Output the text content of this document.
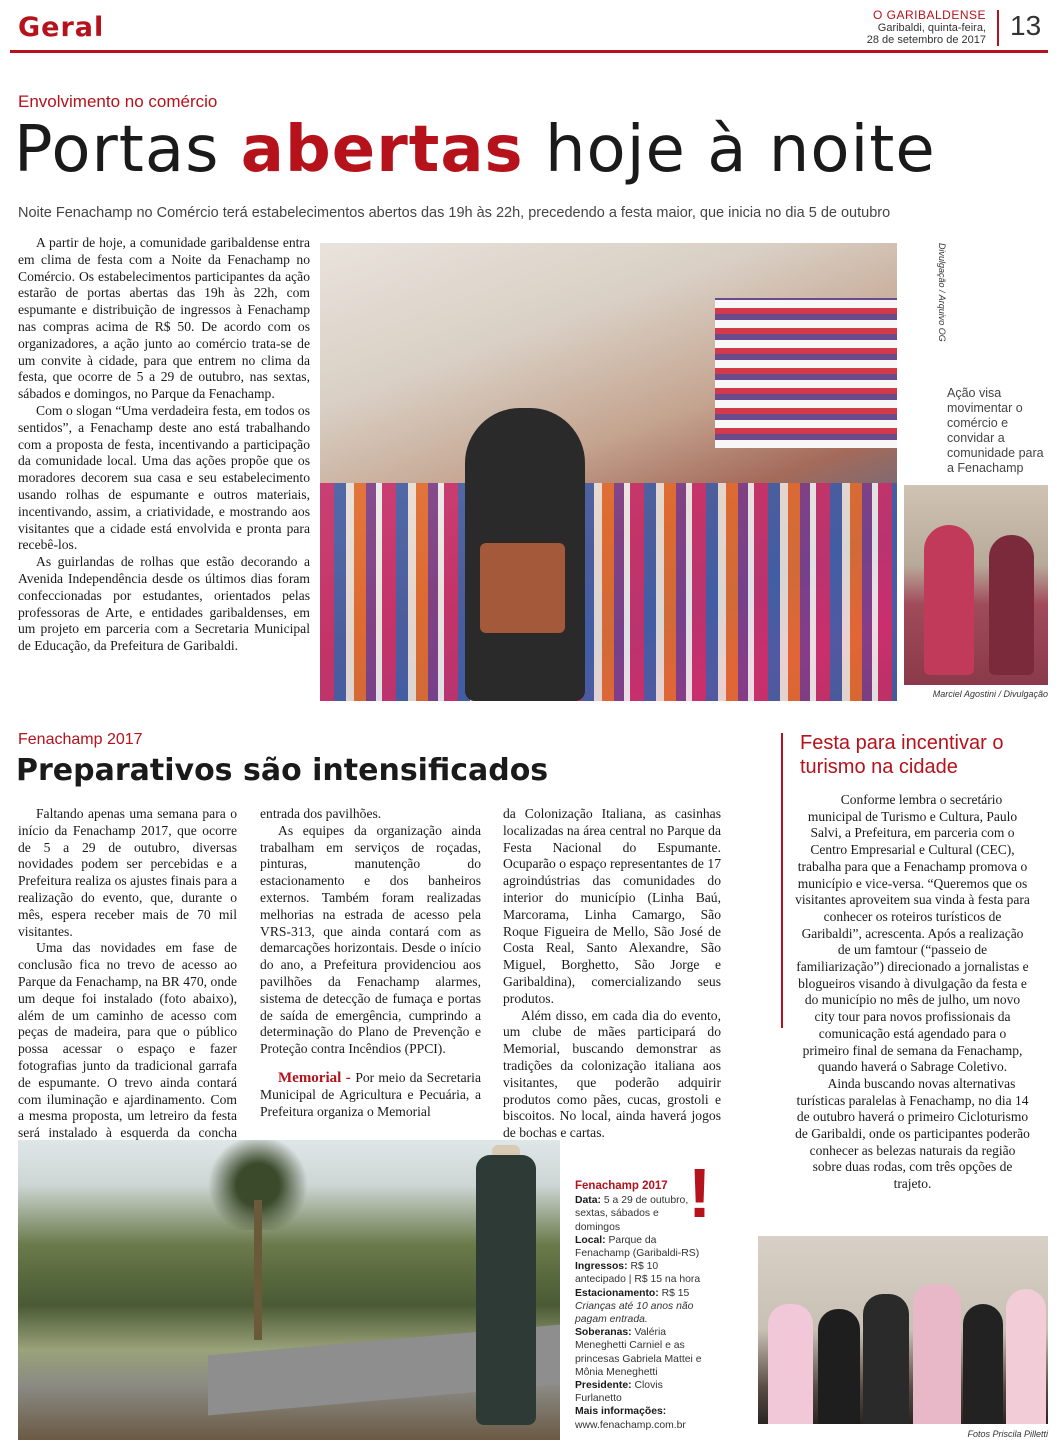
Geral	O GARIBALDENSE
Garibaldi, quinta-feira,
28 de setembro de 2017 13
Envolvimento no comércio
Portas abertas hoje à noite
Noite Fenachamp no Comércio terá estabelecimentos abertos das 19h às 22h, precedendo a festa maior, que inicia no dia 5 de outubro

A partir de hoje, a comunidade garibaldense entra em clima de festa com a Noite da Fenachamp no Comércio. Os estabelecimentos participantes da ação estarão de portas abertas das 19h às 22h, com espumante e distribuição de ingressos à Fenachamp nas compras acima de R$ 50. De acordo com os organizadores, a ação junto ao comércio trata-se de um convite à cidade, para que entrem no clima da festa, que ocorre de 5 a 29 de outubro, nas sextas, sábados e domingos, no Parque da Fenachamp.

Com o slogan “Uma verdadeira festa, em todos os sentidos”, a Fenachamp deste ano está trabalhando com a proposta de festa, incentivando a participação da comunidade local. Uma das ações propõe que os moradores decorem sua casa e seu estabelecimento usando rolhas de espumante e outros materiais, incentivando, assim, a criatividade, e mostrando aos visitantes que a cidade está envolvida e pronta para recebê-los.

As guirlandas de rolhas que estão decorando a Avenida Independência desde os últimos dias foram confeccionadas por estudantes, orientados pelas professoras de Arte, e entidades garibaldenses, em um projeto em parceria com a Secretaria Municipal de Educação, da Prefeitura de Garibaldi.

Divulgação / Arquivo OG
Ação visa movimentar o comércio e convidar a comunidade para a Fenachamp
Marciel Agostini / Divulgação
Fenachamp 2017
Preparativos são intensificados

Faltando apenas uma semana para o início da Fenachamp 2017, que ocorre de 5 a 29 de outubro, diversas novidades podem ser percebidas e a Prefeitura realiza os ajustes finais para a realização do evento, que, durante o mês, espera receber mais de 70 mil visitantes.

Uma das novidades em fase de conclusão fica no trevo de acesso ao Parque da Fenachamp, na BR 470, onde um deque foi instalado (foto abaixo), além de um caminho de acesso com peças de madeira, para que o público possa acessar o espaço e fazer fotografias junto da tradicional garrafa de espumante. O trevo ainda contará com iluminação e ajardinamento. Com a mesma proposta, um letreiro da festa será instalado à esquerda da concha

entrada dos pavilhões.

As equipes da organização ainda trabalham em serviços de roçadas, pinturas, manutenção do estacionamento e dos banheiros externos. Também foram realizadas melhorias na estrada de acesso pela VRS-313, que ainda contará com as demarcações horizontais. Desde o início do ano, a Prefeitura providenciou aos pavilhões da Fenachamp alarmes, sistema de detecção de fumaça e portas de saída de emergência, cumprindo a determinação do Plano de Prevenção e Proteção contra Incêndios (PPCI).

Memorial - Por meio da Secretaria Municipal de Agricultura e Pecuária, a Prefeitura organiza o Memorial

da Colonização Italiana, as casinhas localizadas na área central no Parque da Festa Nacional do Espumante. Ocuparão o espaço representantes de 17 agroindústrias das comunidades do interior do município (Linha Baú, Marcorama, Linha Camargo, São Roque Figueira de Mello, São José de Costa Real, Santo Alexandre, São Miguel, Borghetto, São Jorge e Garibaldina), comercializando seus produtos.

Além disso, em cada dia do evento, um clube de mães participará do Memorial, buscando demonstrar as tradições da colonização italiana aos visitantes, que poderão adquirir produtos como pães, cucas, grostoli e biscoitos. No local, ainda haverá jogos de bochas e cartas.

Festa para incentivar o turismo na cidade

Conforme lembra o secretário municipal de Turismo e Cultura, Paulo Salvi, a Prefeitura, em parceria com o Centro Empresarial e Cultural (CEC), trabalha para que a Fenachamp promova o município e vice-versa. “Queremos que os visitantes aproveitem sua vinda à festa para conhecer os roteiros turísticos de Garibaldi”, acrescenta. Após a realização de um famtour (“passeio de familiarização”) direcionado a jornalistas e blogueiros visando à divulgação da festa e do município no mês de julho, um novo city tour para novos profissionais da comunicação está agendado para o primeiro final de semana da Fenachamp, quando haverá o Sabrage Coletivo.

Ainda buscando novas alternativas turísticas paralelas à Fenachamp, no dia 14 de outubro haverá o primeiro Cicloturismo de Garibaldi, onde os participantes poderão conhecer as belezas naturais da região sobre duas rodas, com três opções de trajeto.

!
Fenachamp 2017
Data: 5 a 29 de outubro, sextas, sábados e domingos
Local: Parque da Fenachamp (Garibaldi-RS)
Ingressos: R$ 10 antecipado | R$ 15 na hora
Estacionamento: R$ 15
Crianças até 10 anos não pagam entrada.
Soberanas: Valéria Meneghetti Carniel e as princesas Gabriela Mattei e Mônia Meneghetti
Presidente: Clovis Furlanetto
Mais informações: www.fenachamp.com.br
Fotos Priscila Pilletti
